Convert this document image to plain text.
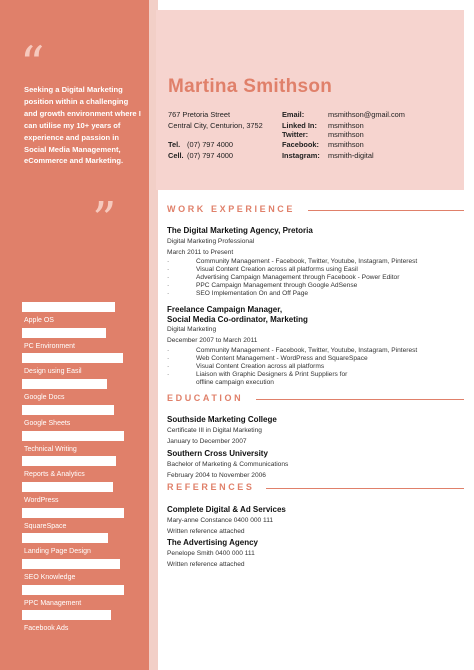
“
Seeking a Digital Marketing position within a challenging and growth environment where I can utilise my 10+ years of experience and passion in Social Media Management, eCommerce and Marketing.
”
Apple OS
PC Environment
Design using Easil
Google Docs
Google Sheets
Technical Writing
Reports & Analytics
WordPress
SquareSpace
Landing Page Design
SEO Knowledge
PPC Management
Facebook Ads
Martina Smithson
767 Pretoria Street
Central City, Centurion, 3752
Tel. (07) 797 4000
Cell. (07) 797 4000
Email:	msmithson@gmail.com
Linked In: msmithson
Twitter:	msmithson
Facebook: msmithson
Instagram: msmith-digital
WORK EXPERIENCE
The Digital Marketing Agency, Pretoria
Digital Marketing Professional
March 2011 to Present
·	Community Management - Facebook, Twitter, Youtube, Instagram, Pinterest
·	Visual Content Creation across all platforms using Easil
·	Advertising Campaign Management through Facebook - Power Editor
·	PPC Campaign Management through Google AdSense
·	SEO Implementation On and Off Page
Freelance Campaign Manager,
Social Media Co-ordinator, Marketing
Digital Marketing
December 2007 to March 2011
·	Community Management - Facebook, Twitter, Youtube, Instagram, Pinterest
·	Web Content Management - WordPress and SquareSpace
·	Visual Content Creation across all platforms
·	Liaison with Graphic Designers & Print Suppliers for
offline campaign execution
EDUCATION
Southside Marketing College
Certificate III in Digital Marketing
January to December 2007
Southern Cross University
Bachelor of Marketing & Communications
February 2004 to November 2006
REFERENCES
Complete Digital & Ad Services
Mary-anne Constance 0400 000 111
Written reference attached
The Advertising Agency
Penelope Smith 0400 000 111
Written reference attached
